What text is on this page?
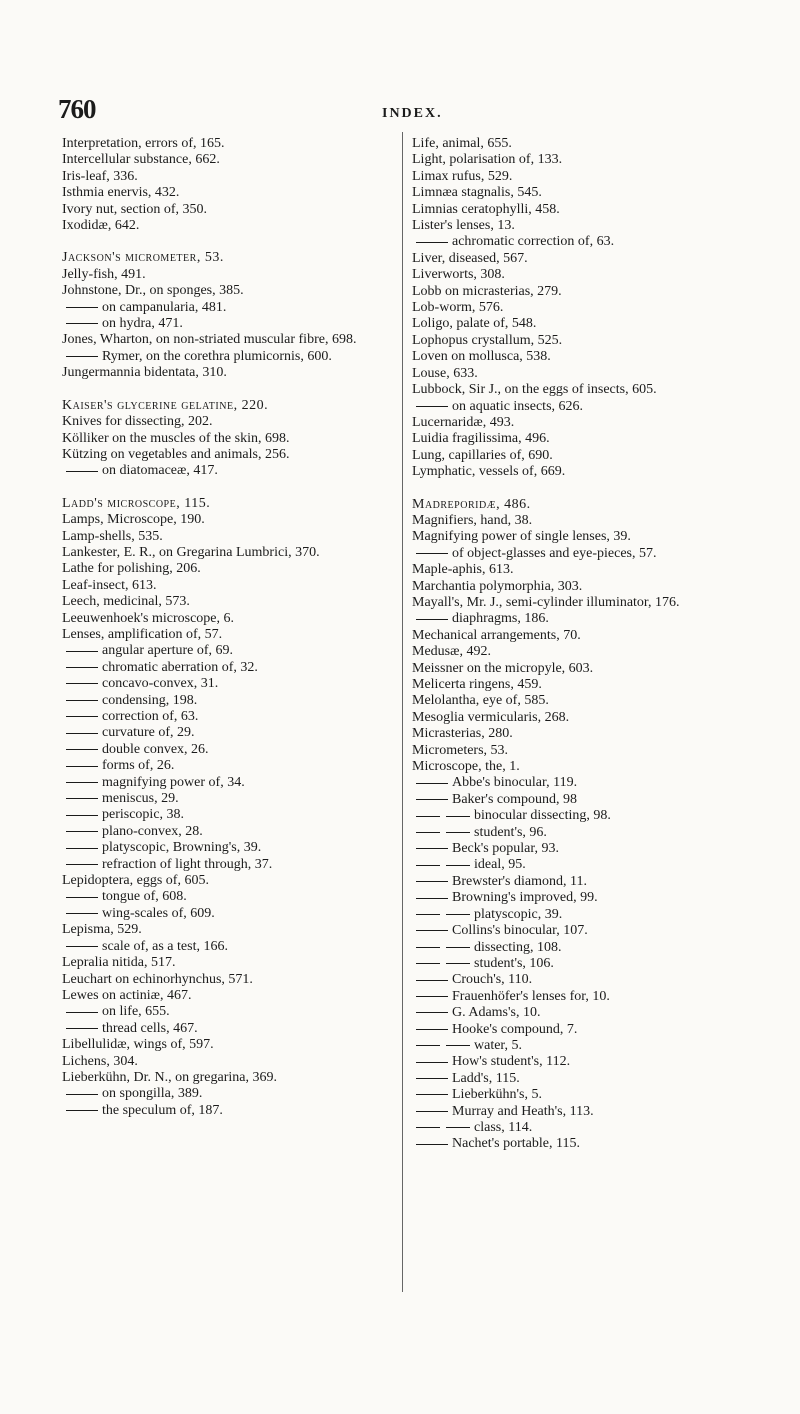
760	INDEX.
Interpretation, errors of, 165.
Intercellular substance, 662.
Iris-leaf, 336.
Isthmia enervis, 432.
Ivory nut, section of, 350.
Ixodidæ, 642.
Jackson's micrometer, 53.
Jelly-fish, 491.
Johnstone, Dr., on sponges, 385.
on campanularia, 481.
on hydra, 471.
Jones, Wharton, on non-striated muscular fibre, 698.
Rymer, on the corethra plumicornis, 600.
Jungermannia bidentata, 310.
Kaiser's glycerine gelatine, 220.
Knives for dissecting, 202.
Kölliker on the muscles of the skin, 698.
Kützing on vegetables and animals, 256.
on diatomaceæ, 417.
Ladd's microscope, 115.
Lamps, Microscope, 190.
Lamp-shells, 535.
Lankester, E. R., on Gregarina Lumbrici, 370.
Lathe for polishing, 206.
Leaf-insect, 613.
Leech, medicinal, 573.
Leeuwenhoek's microscope, 6.
Lenses, amplification of, 57.
angular aperture of, 69.
chromatic aberration of, 32.
concavo-convex, 31.
condensing, 198.
correction of, 63.
curvature of, 29.
double convex, 26.
forms of, 26.
magnifying power of, 34.
meniscus, 29.
periscopic, 38.
plano-convex, 28.
platyscopic, Browning's, 39.
refraction of light through, 37.
Lepidoptera, eggs of, 605.
tongue of, 608.
wing-scales of, 609.
Lepisma, 529.
scale of, as a test, 166.
Lepralia nitida, 517.
Leuchart on echinorhynchus, 571.
Lewes on actiniæ, 467.
on life, 655.
thread cells, 467.
Libellulidæ, wings of, 597.
Lichens, 304.
Lieberkühn, Dr. N., on gregarina, 369.
on spongilla, 389.
the speculum of, 187.
Life, animal, 655.
Light, polarisation of, 133.
Limax rufus, 529.
Limnæa stagnalis, 545.
Limnias ceratophylli, 458.
Lister's lenses, 13.
achromatic correction of, 63.
Liver, diseased, 567.
Liverworts, 308.
Lobb on micrasterias, 279.
Lob-worm, 576.
Loligo, palate of, 548.
Lophopus crystallum, 525.
Loven on mollusca, 538.
Louse, 633.
Lubbock, Sir J., on the eggs of insects, 605.
on aquatic insects, 626.
Lucernaridæ, 493.
Luidia fragilissima, 496.
Lung, capillaries of, 690.
Lymphatic, vessels of, 669.
Madreporidæ, 486.
Magnifiers, hand, 38.
Magnifying power of single lenses, 39.
of object-glasses and eye-pieces, 57.
Maple-aphis, 613.
Marchantia polymorphia, 303.
Mayall's, Mr. J., semi-cylinder illuminator, 176.
diaphragms, 186.
Mechanical arrangements, 70.
Medusæ, 492.
Meissner on the micropyle, 603.
Melicerta ringens, 459.
Melolantha, eye of, 585.
Mesoglia vermicularis, 268.
Micrasterias, 280.
Micrometers, 53.
Microscope, the, 1.
Abbe's binocular, 119.
Baker's compound, 98
binocular dissecting, 98.
student's, 96.
Beck's popular, 93.
ideal, 95.
Brewster's diamond, 11.
Browning's improved, 99.
platyscopic, 39.
Collins's binocular, 107.
dissecting, 108.
student's, 106.
Crouch's, 110.
Frauenhöfer's lenses for, 10.
G. Adams's, 10.
Hooke's compound, 7.
water, 5.
How's student's, 112.
Ladd's, 115.
Lieberkühn's, 5.
Murray and Heath's, 113.
class, 114.
Nachet's portable, 115.
